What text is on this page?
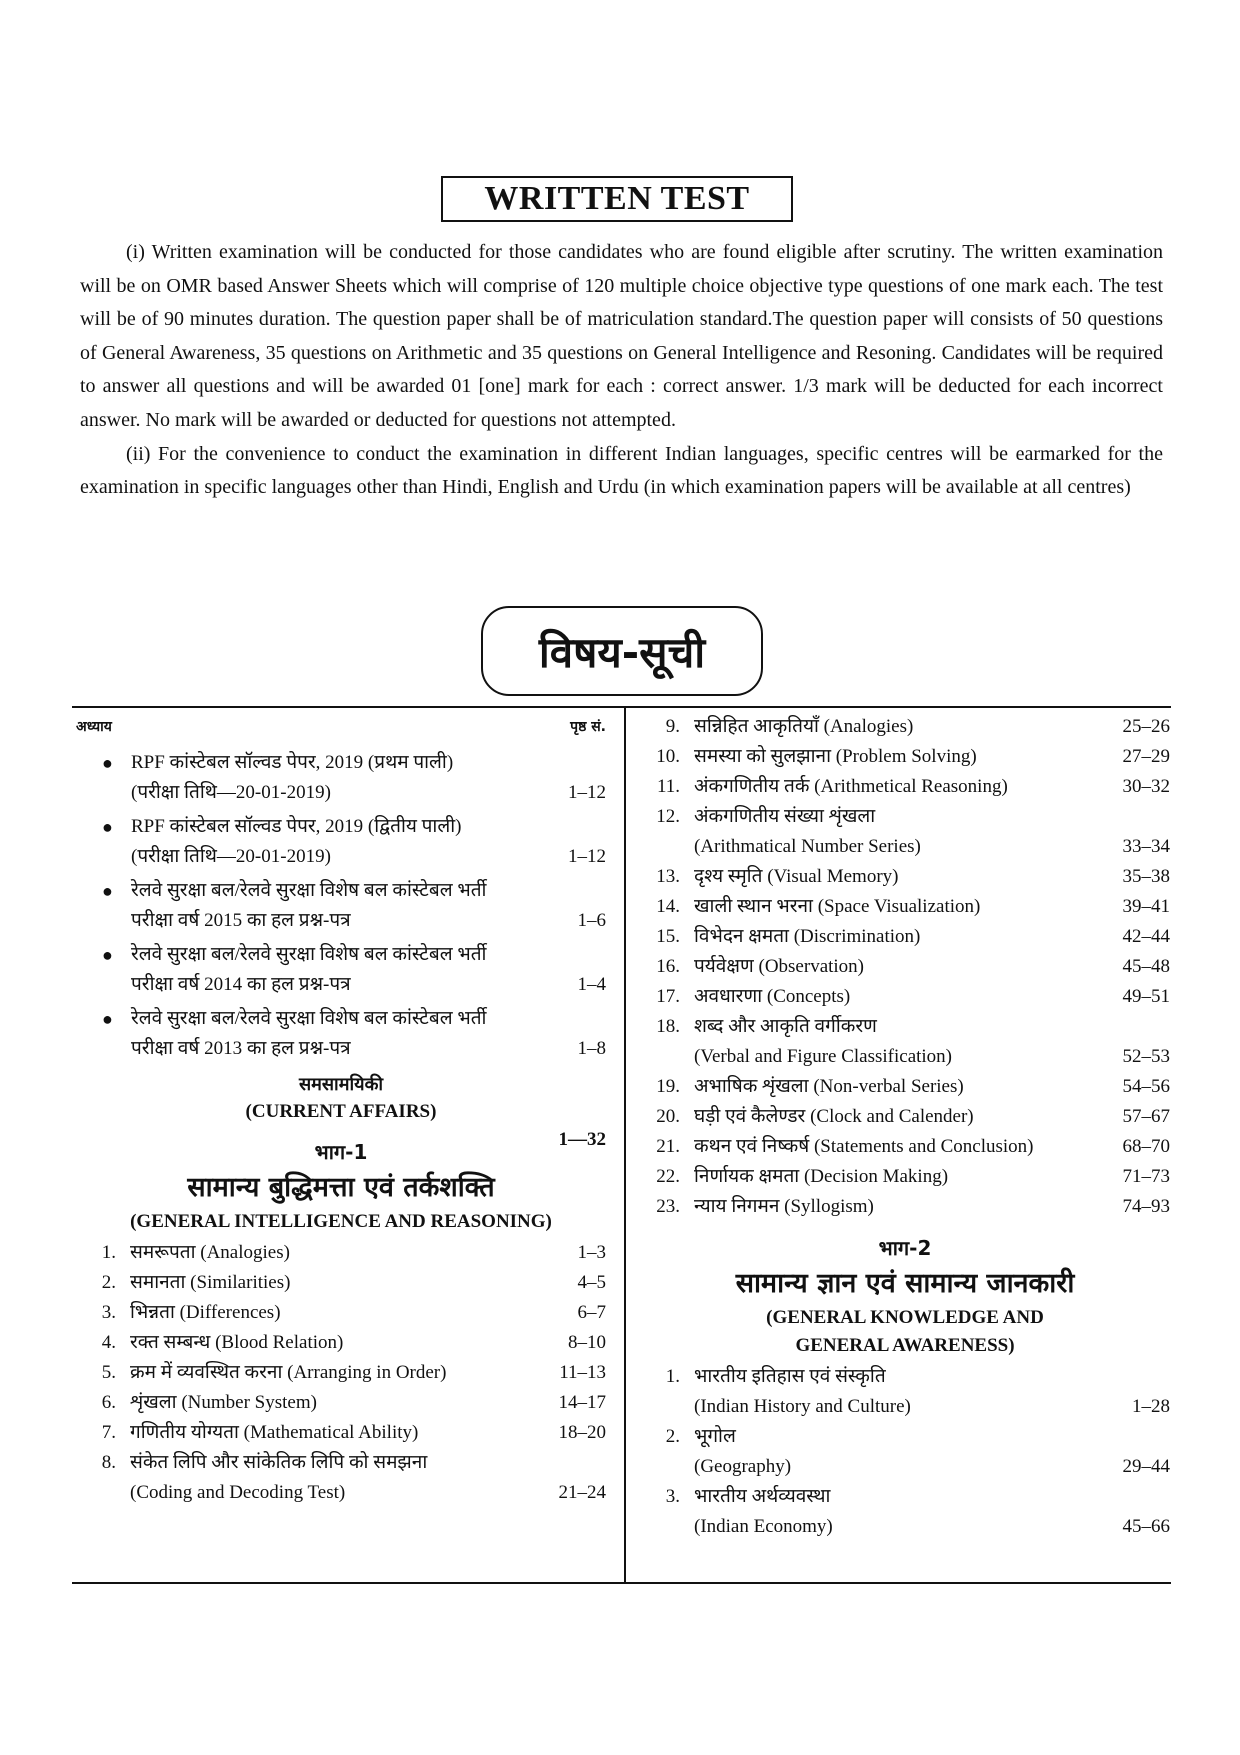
WRITTEN TEST

(i) Written examination will be conducted for those candidates who are found eligible after scrutiny. The written examination will be on OMR based Answer Sheets which will comprise of 120 multiple choice objective type questions of one mark each. The test will be of 90 minutes duration. The question paper shall be of matriculation standard.The question paper will consists of 50 questions of General Awareness, 35 questions on Arithmetic and 35 questions on General Intelligence and Resoning. Candidates will be required to answer all questions and will be awarded 01 [one] mark for each : correct answer. 1/3 mark will be deducted for each incorrect answer. No mark will be awarded or deducted for questions not attempted.

(ii) For the convenience to conduct the examination in different Indian languages, specific centres will be earmarked for the examination in specific languages other than Hindi, English and Urdu (in which examination papers will be available at all centres)

विषय-सूची
अध्याय	पृष्ठ सं.
● RPF कांस्टेबल सॉल्वड पेपर, 2019 (प्रथम पाली)
(परीक्षा तिथि—20-01-2019)	1–12
● RPF कांस्टेबल सॉल्वड पेपर, 2019 (द्वितीय पाली)
(परीक्षा तिथि—20-01-2019)	1–12
● रेलवे सुरक्षा बल/रेलवे सुरक्षा विशेष बल कांस्टेबल भर्ती
परीक्षा वर्ष 2015 का हल प्रश्न-पत्र	1–6
● रेलवे सुरक्षा बल/रेलवे सुरक्षा विशेष बल कांस्टेबल भर्ती
परीक्षा वर्ष 2014 का हल प्रश्न-पत्र	1–4
● रेलवे सुरक्षा बल/रेलवे सुरक्षा विशेष बल कांस्टेबल भर्ती
परीक्षा वर्ष 2013 का हल प्रश्न-पत्र	1–8
समसामयिकी
(CURRENT AFFAIRS)
1—32
भाग-1
सामान्य बुद्धिमत्ता एवं तर्कशक्ति
(GENERAL INTELLIGENCE AND REASONING)
1. समरूपता (Analogies)	1–3
2. समानता (Similarities)	4–5
3. भिन्नता (Differences)	6–7
4. रक्त सम्बन्ध (Blood Relation)	8–10
5. क्रम में व्यवस्थित करना (Arranging in Order)	11–13
6. शृंखला (Number System)	14–17
7. गणितीय योग्यता (Mathematical Ability)	18–20
8. संकेत लिपि और सांकेतिक लिपि को समझना
(Coding and Decoding Test)	21–24
9. सन्निहित आकृतियाँ (Analogies)	25–26
10. समस्या को सुलझाना (Problem Solving)	27–29
11. अंकगणितीय तर्क (Arithmetical Reasoning)	30–32
12. अंकगणितीय संख्या शृंखला
(Arithmatical Number Series)	33–34
13. दृश्य स्मृति (Visual Memory)	35–38
14. खाली स्थान भरना (Space Visualization)	39–41
15. विभेदन क्षमता (Discrimination)	42–44
16. पर्यवेक्षण (Observation)	45–48
17. अवधारणा (Concepts)	49–51
18. शब्द और आकृति वर्गीकरण
(Verbal and Figure Classification)	52–53
19. अभाषिक शृंखला (Non-verbal Series)	54–56
20. घड़ी एवं कैलेण्डर (Clock and Calender)	57–67
21. कथन एवं निष्कर्ष (Statements and Conclusion)	68–70
22. निर्णायक क्षमता (Decision Making)	71–73
23. न्याय निगमन (Syllogism)	74–93
भाग-2
सामान्य ज्ञान एवं सामान्य जानकारी
(GENERAL KNOWLEDGE AND
GENERAL AWARENESS)
1. भारतीय इतिहास एवं संस्कृति
(Indian History and Culture)	1–28
2. भूगोल
(Geography)	29–44
3. भारतीय अर्थव्यवस्था
(Indian Economy)	45–66
